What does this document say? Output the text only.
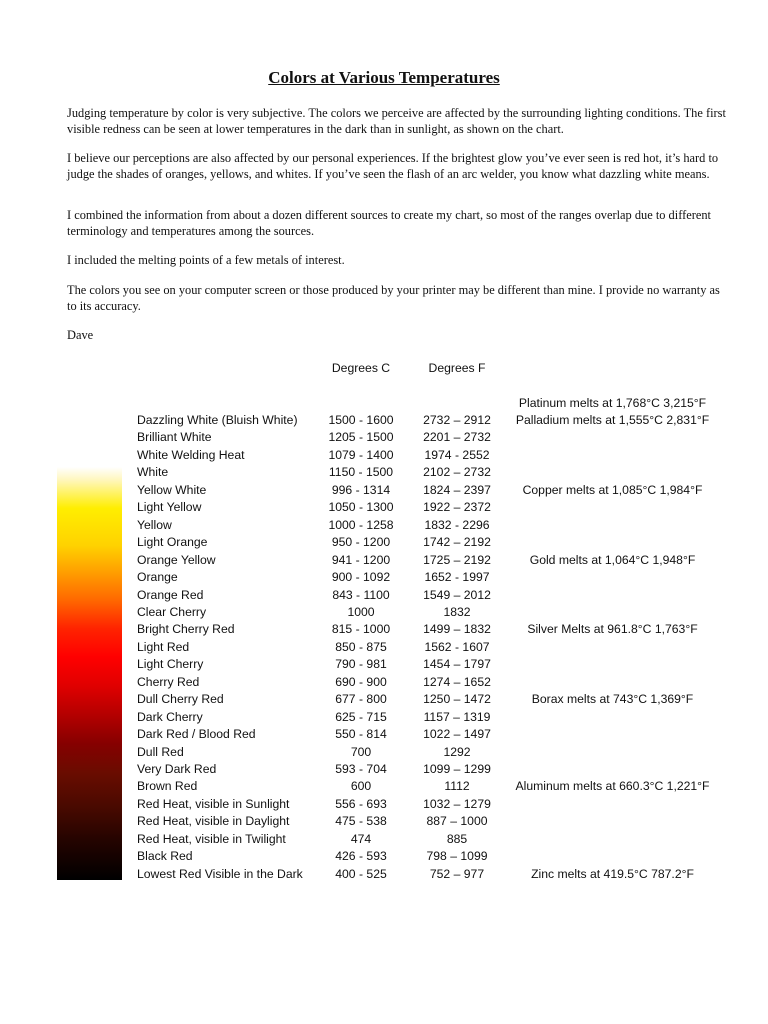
Colors at Various Temperatures

Judging temperature by color is very subjective. The colors we perceive are affected by the surrounding lighting conditions. The first visible redness can be seen at lower temperatures in the dark than in sunlight, as shown on the chart.

I believe our perceptions are also affected by our personal experiences. If the brightest glow you’ve ever seen is red hot, it’s hard to judge the shades of oranges, yellows, and whites. If you’ve seen the flash of an arc welder, you know what dazzling white means.

I combined the information from about a dozen different sources to create my chart, so most of the ranges overlap due to different terminology and temperatures among the sources.

I included the melting points of a few metals of interest.

The colors you see on your computer screen or those produced by your printer may be different than mine. I provide no warranty as to its accuracy.

Dave

Degrees C	Degrees F
Platinum melts at 1,768°C 3,215°F
Dazzling White (Bluish White)	1500 - 1600	2732 – 2912	Palladium melts at 1,555°C 2,831°F
Brilliant White	1205 - 1500	2201 – 2732
White Welding Heat	1079 - 1400	1974 - 2552
White	1150 - 1500	2102 – 2732
Yellow White	996 - 1314	1824 – 2397	Copper melts at 1,085°C 1,984°F
Light Yellow	1050 - 1300	1922 – 2372
Yellow	1000 - 1258	1832 - 2296
Light Orange	950 - 1200	1742 – 2192
Orange Yellow	941 - 1200	1725 – 2192	Gold melts at 1,064°C 1,948°F
Orange	900 - 1092	1652 - 1997
Orange Red	843 - 1100	1549 – 2012
Clear Cherry	1000	1832
Bright Cherry Red	815 - 1000	1499 – 1832	Silver Melts at 961.8°C 1,763°F
Light Red	850 - 875	1562 - 1607
Light Cherry	790 - 981	1454 – 1797
Cherry Red	690 - 900	1274 – 1652
Dull Cherry Red	677 - 800	1250 – 1472	Borax melts at 743°C 1,369°F
Dark Cherry	625 - 715	1157 – 1319
Dark Red / Blood Red	550 - 814	1022 – 1497
Dull Red	700	1292
Very Dark Red	593 - 704	1099 – 1299
Brown Red	600	1112	Aluminum melts at 660.3°C 1,221°F
Red Heat, visible in Sunlight	556 - 693	1032 – 1279
Red Heat, visible in Daylight	475 - 538	887 – 1000
Red Heat, visible in Twilight	474	885
Black Red	426 - 593	798 – 1099
Lowest Red Visible in the Dark	400 - 525	752 – 977	Zinc melts at 419.5°C 787.2°F
